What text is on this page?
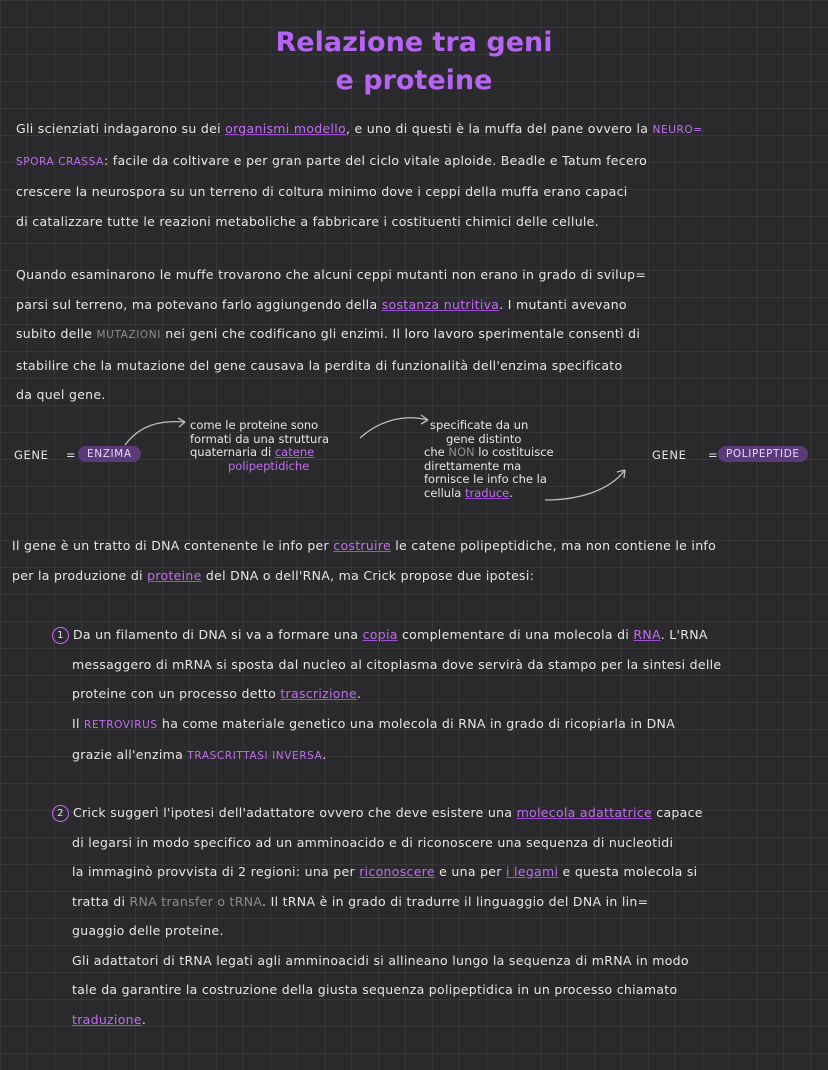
Relazione tra geni
e proteine
Gli scienziati indagarono su dei organismi modello, e uno di questi è la muffa del pane ovvero la NEURO=
SPORA CRASSA: facile da coltivare e per gran parte del ciclo vitale aploide. Beadle e Tatum fecero
crescere la neurospora su un terreno di coltura minimo dove i ceppi della muffa erano capaci
di catalizzare tutte le reazioni metaboliche a fabbricare i costituenti chimici delle cellule.
Quando esaminarono le muffe trovarono che alcuni ceppi mutanti non erano in grado di svilup=
parsi sul terreno, ma potevano farlo aggiungendo della sostanza nutritiva. I mutanti avevano
subito delle MUTAZIONI nei geni che codificano gli enzimi. Il loro lavoro sperimentale consentì di
stabilire che la mutazione del gene causava la perdita di funzionalità dell'enzima specificato
da quel gene.
GENE =	ENZIMA
come le proteine sono
formati da una struttura
quaternaria di catene
polipeptidiche
specificate da un
gene distinto
che NON lo costituisce
direttamente ma
fornisce le info che la
cellula traduce.
GENE = POLIPEPTIDE
Il gene è un tratto di DNA contenente le info per costruire le catene polipeptidiche, ma non contiene le info
per la produzione di proteine del DNA o dell'RNA, ma Crick propose due ipotesi:
1 Da un filamento di DNA si va a formare una copia complementare di una molecola di RNA. L'RNA
messaggero di mRNA si sposta dal nucleo al citoplasma dove servirà da stampo per la sintesi delle
proteine con un processo detto trascrizione.
Il RETROVIRUS ha come materiale genetico una molecola di RNA in grado di ricopiarla in DNA
grazie all'enzima TRASCRITTASI INVERSA.
2 Crick suggerì l'ipotesi dell'adattatore ovvero che deve esistere una molecola adattatrice capace
di legarsi in modo specifico ad un amminoacido e di riconoscere una sequenza di nucleotidi
la immaginò provvista di 2 regioni: una per riconoscere e una per i legami e questa molecola si
tratta di RNA transfer o tRNA. Il tRNA è in grado di tradurre il linguaggio del DNA in lin=
guaggio delle proteine.
Gli adattatori di tRNA legati agli amminoacidi si allineano lungo la sequenza di mRNA in modo
tale da garantire la costruzione della giusta sequenza polipeptidica in un processo chiamato
traduzione.
